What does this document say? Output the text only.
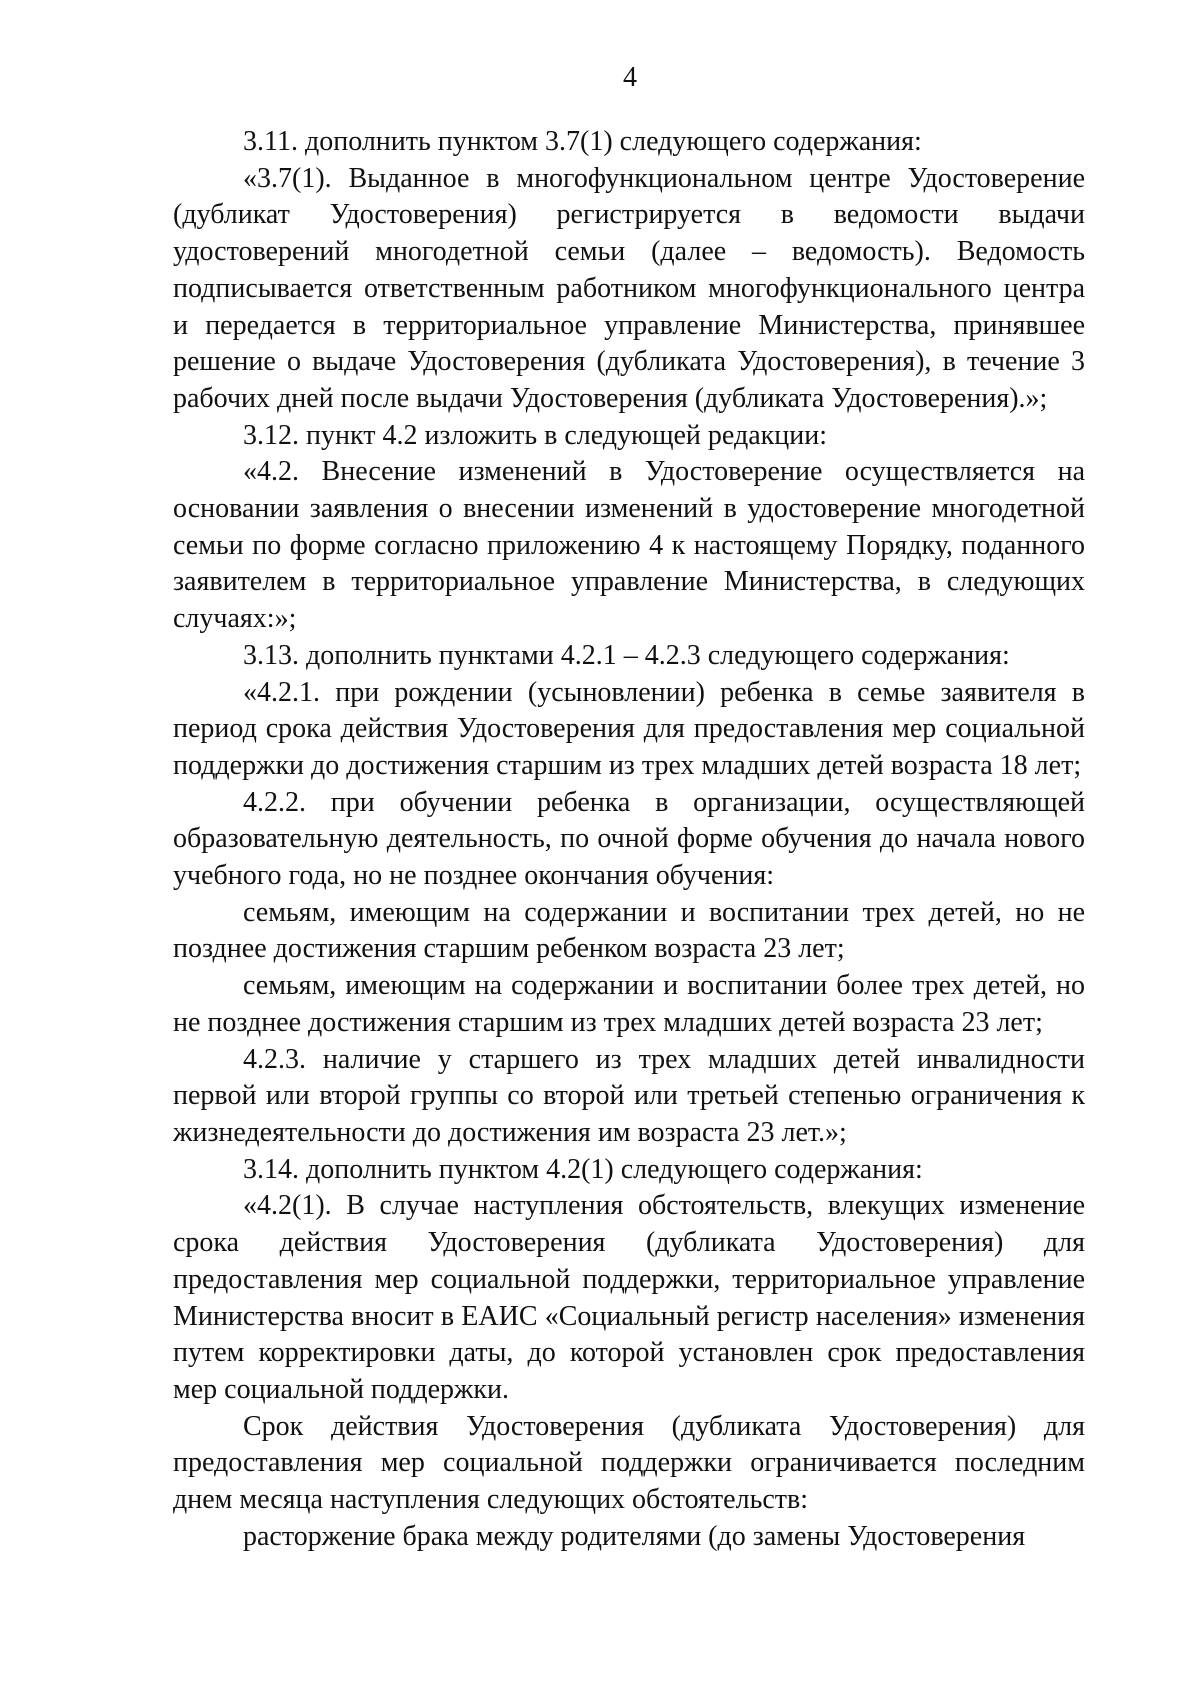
4

3.11. дополнить пунктом 3.7(1) следующего содержания:

«3.7(1). Выданное в многофункциональном центре Удостоверение (дубликат Удостоверения) регистрируется в ведомости выдачи удостоверений многодетной семьи (далее – ведомость). Ведомость подписывается ответственным работником многофункционального центра и передается в территориальное управление Министерства, принявшее решение о выдаче Удостоверения (дубликата Удостоверения), в течение 3 рабочих дней после выдачи Удостоверения (дубликата Удостоверения).»;

3.12. пункт 4.2 изложить в следующей редакции:

«4.2. Внесение изменений в Удостоверение осуществляется на основании заявления о внесении изменений в удостоверение многодетной семьи по форме согласно приложению 4 к настоящему Порядку, поданного заявителем в территориальное управление Министерства, в следующих случаях:»;

3.13. дополнить пунктами 4.2.1 – 4.2.3 следующего содержания:

«4.2.1. при рождении (усыновлении) ребенка в семье заявителя в период срока действия Удостоверения для предоставления мер социальной поддержки до достижения старшим из трех младших детей возраста 18 лет;

4.2.2. при обучении ребенка в организации, осуществляющей образовательную деятельность, по очной форме обучения до начала нового учебного года, но не позднее окончания обучения:

семьям, имеющим на содержании и воспитании трех детей, но не позднее достижения старшим ребенком возраста 23 лет;

семьям, имеющим на содержании и воспитании более трех детей, но не позднее достижения старшим из трех младших детей возраста 23 лет;

4.2.3. наличие у старшего из трех младших детей инвалидности первой или второй группы со второй или третьей степенью ограничения к жизнедеятельности до достижения им возраста 23 лет.»;

3.14. дополнить пунктом 4.2(1) следующего содержания:

«4.2(1). В случае наступления обстоятельств, влекущих изменение срока действия Удостоверения (дубликата Удостоверения) для предоставления мер социальной поддержки, территориальное управление Министерства вносит в ЕАИС «Социальный регистр населения» изменения путем корректировки даты, до которой установлен срок предоставления мер социальной поддержки.

Срок действия Удостоверения (дубликата Удостоверения) для предоставления мер социальной поддержки ограничивается последним днем месяца наступления следующих обстоятельств:

расторжение брака между родителями (до замены Удостоверения
